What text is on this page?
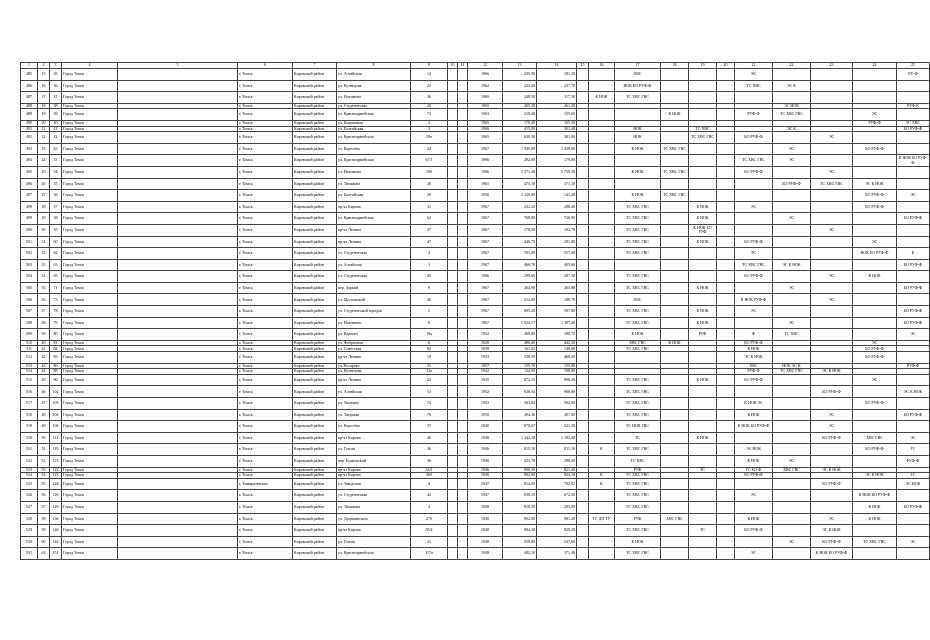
1	2	3	4	5	6	7	8	9	10	11	12	13	14	15	16	17	18	19	20	21	22	23	24	25
485	15	35	Город Томск		г. Томск	Кировский район	ул. Алтайская	14			1966	235,90	181,20			ХВС				ЭС				РУ-Ф
486	16	36	Город Томск		г. Томск	Кировский район	ул. Кузнецова	22			1962	223,20	237,70			НОК БО РУФ-Ф				ТС ХВС	ЭС К			
487	17	37	Город Томск		г. Томск	Кировский район	ул. Нахимова	36			1960	248,50	117,30		К НОК	ТС ХВС ГВС								
488	18	38	Город Томск		г. Томск	Кировский район	ул. Студенческая	20			1965	205,50	261,20								ЭС НОК			РУФ-К
489	19	39	Город Томск		г. Томск	Кировский район	ул. Красноармейская	72			1963	218,40	155,60				К НОК			РУФ-Ф	ТС ХВС ГВС		ЭС	
490	20	40	Город Томск		г. Томск	Кировский район	ул. Кирпичная	2			1965	170,40	165,30										РУФ-Ф	ТС ХВС
491	21	41	Город Томск		г. Томск	Кировский район	ул. Балтийская	3			1966	415,00	301,40			НОК		ТС ХВС			ЭС К			БО РУФ-Ф
492	22	42	Город Томск		г. Томск	Кировский район	ул. Красноармейская	29а			1965	630,30	381,00			НОК		ТС ХВС ГВС		БО РУФ-Ф		ЭС		
493	23	43	Город Томск		г. Томск	Кировский район	ул. Королёва	24			1967	1 946,00	1 429,60			К НОК	ТС ХВС ГВС				ЭС		БО РУФ-Ф	
494	24	53	Город Томск		г. Томск	Кировский район	ул. Красноармейская	67/1			1996	292,00	179,80							ТС ХВС ГВС	ЭС			К НОК БО РУФ-Ф
495	25	54	Город Томск		г. Томск	Кировский район	ул. Нахимова	18б			1966	1 271,40	1 759,30			К НОК	ТС ХВС ГВС			БО РУФ-Ф		ЭС		
496	26	55	Город Томск		г. Томск	Кировский район	ул. Тимакова	20			1961	473,10	371,10								БО РУФ-Ф	ТС ХВС ГВС	ЭС К НОК	
497	27	56	Город Томск		г. Томск	Кировский район	ул. Балтийская	29			1956	1 220,00	141,20			К НОК	ТС ХВС ГВС						БО РУФ-Ф	ЭС
498	28	57	Город Томск		г. Томск	Кировский район	пр-кт Кирова	31			1967	232,20	288,40			ТС ХВС ГВС		К НОК		ЭС			БО РУФ-Ф	
499	29	58	Город Томск		г. Томск	Кировский район	ул. Красноармейская	62			1967	768,80	726,90			ТС ХВС ГВС		К НОК			ЭС			БО РУФ-Ф
500	30	59	Город Томск		г. Томск	Кировский район	пр-кт Ленина	37			1967	178,50	102,70			ТС ХВС ГВС		К НОК БО РУФ				ЭС		
501	31	60	Город Томск		г. Томск	Кировский район	пр-кт Ленина	47			1967	446,70	281,80			ТС ХВС ГВС		К НОК		БО РУФ-Ф			ЭС	
502	32	62	Город Томск		г. Томск	Кировский район	ул. Студенческая	4			1967	701,00	557,40			ТС ХВС ГВС				ЭС			НОК БО РУФ-Ф	К
503	33	63	Город Томск		г. Томск	Кировский район	ул. Алтайская	3			1967	466,70	405,60							ТС ХВС ГВС	ЭС К НОК			БО РУФ-Ф
504	34	65	Город Томск		г. Томск	Кировский район	ул. Студенческая	45			1966	299,60	207,30			ТС ХВС ГВС				БО РУФ-Ф		ЭС	К НОК	
505	35	71	Город Томск		г. Томск	Кировский район	пер. Зоркий	9			1967	264,90	263,88			ТС ХВС ГВС		К НОК			ЭС			БО РУФ-Ф
506	36	73	Город Томск		г. Томск	Кировский район	ул. Московский	46			1967	212,00	180,70			ХВС				К НОК РУФ-Ф		ЭС		
507	37	78	Город Томск		г. Томск	Кировский район	ул. Студенческий городок	5			1967	805,20	507,80			ТС ХВС ГВС		К НОК		ЭС				БО РУФ-Ф
508	38	79	Город Томск		г. Томск	Кировский район	ул. Нахимова	6			1967	1 823,17	1 397,20			ТС ХВС ГВС		К НОК			ЭС			БО РУФ-Ф
509	39	80	Город Томск		г. Томск	Кировский район	ул. Карпова	19а			1932	268,80	180,70			К НОК		РУФ		Ф	ТС ХВС			ЭС
510	40	81	Город Томск		г. Томск	Кировский район	ул. Фабричная	6			1928	496,40	442,30			ХВС ГВС	К НОК			БО РУФ-Ф			ЭС	
511	41	84	Город Томск		г. Томск	Кировский район	ул. Советская	82			1939	161,02	140,00			ТС ХВС ГВС				К НОК			БО РУФ-Ф	
512	42	85	Город Томск		г. Томск	Кировский район	пр-кт Ленина	19			1933	238,50	468,40							ЭС К НОК			БО РУФ-Ф	
513	43	86	Город Томск		г. Томск	Кировский район	ул. Косарева	31			1957	155,70	155,90							ХВС	НОК ЭС К			РУФ-Ф
514	44	88	Город Томск		г. Томск	Кировский район	ул. Кузнецова	32а			1942	124,00	108,00							РУФ-Ф	ТС ХВС ГВС	ЭС К НОК		
515	45	90	Город Томск		г. Томск	Кировский район	пр-кт Ленина	22			1935	872,15	900,20			ТС ХВС ГВС		К НОК		БО РУФ-Ф			ЭС	
516	46	102	Город Томск		г. Томск	Кировский район	ул. Алтайская	13			1952	928,04	900,00			ТС ХВС ГВС						БО РУФ-Ф		ЭС К НОК
517	47	103	Город Томск		г. Томск	Кировский район	ул. Лыткина	74			1933	563,84	504,00			ТС ХВС ГВС				К НОК ЭС			БО РУФ-Ф	
518	48	104	Город Томск		г. Томск	Кировский район	ул. Тверская	76			1958	494,36	407,00			ТС ХВС ГВС				К НОК		ЭС		БО РУФ-Ф
519	49	106	Город Томск		г. Томск	Кировский район	ул. Королёва	37			1940	878,67	521,30			ТС НОК ГВС				К НОК БО РУФ-Ф		ЭС		
520	50	112	Город Томск		г. Томск	Кировский район	пр-кт Кирова	26			1940	1 342,10	1 182,40			ТС		К НОК				БО РУФ-Ф	ХВС ГВС	ЭС
521	51	119	Город Томск		г. Томск	Кировский район	ул. Гоголя	36			1946	815,10	811,10		К	ТС ХВС ГВС				ЭС НОК			БО РУФ-Ф	ГС
522	52	121	Город Томск		г. Томск	Кировский район	пер. Буяновский	36			1946	322,70	298,40			ТС ХВС				К НОК	ЭС			РУФ-Ф
523	53	122	Город Томск		г. Томск	Кировский район	пр-кт Кирова	34/1			1946	890,30	821,40			РУФ		ТС		ГС БО-Ф	ХВС ГВС	ЭС К НОК		
524	54	123	Город Томск		г. Томск	Кировский район	пр-кт Кирова	36б			1946	902,00	824,10		К	ТС ХВС ГВС				БО РУФ-Ф			ЭС К НОК	ГС
525	55	124	Город Томск		г. Тимирязевское	Кировский район	ул. Заводская	4			1947	814,00	702,82		К	ТС ХВС ГВС						БО РУФ-Ф		ЭС НОК
526	56	126	Город Томск		г. Томск	Кировский район	ул. Студенческая	42			1947	838,10	672,50			ТС ХВС ГВС				ЭС			К НОК БО РУФ-Ф	
527	57	129	Город Томск		г. Томск	Кировский район	ул. Тимакова	4			1948	918,50	203,00			ТС ХВС ГВС							К НОК	БО РУФ-Ф
528	58	136	Город Томск		г. Томск	Кировский район	ул. Дзержинского	27б			1948	862,00	981,20		ТС ДП ТУ	РУФ	ХВС ГВС			К НОК		ЭС	К НОК	
529	59	140	Город Томск		г. Томск	Кировский район	пр-кт Кирова	58/4			1948	884,30	829,20			ТС ХВС ГВС		ТС		БО РУФ-Ф		ЭС К НОК		
530	60	142	Город Томск		г. Томск	Кировский район	ул. Гоголя	21			1948	558,80	547,60			К НОК					ЭС	БО РУФ-Ф	ТС ХВС ГВС	ЭС
531	61	151	Город Томск		г. Томск	Кировский район	ул. Красноармейская	117а			1948	482,10	371,40			ТС ХВС ГВС				ЭС		К НОК БО РУФ-Ф		
